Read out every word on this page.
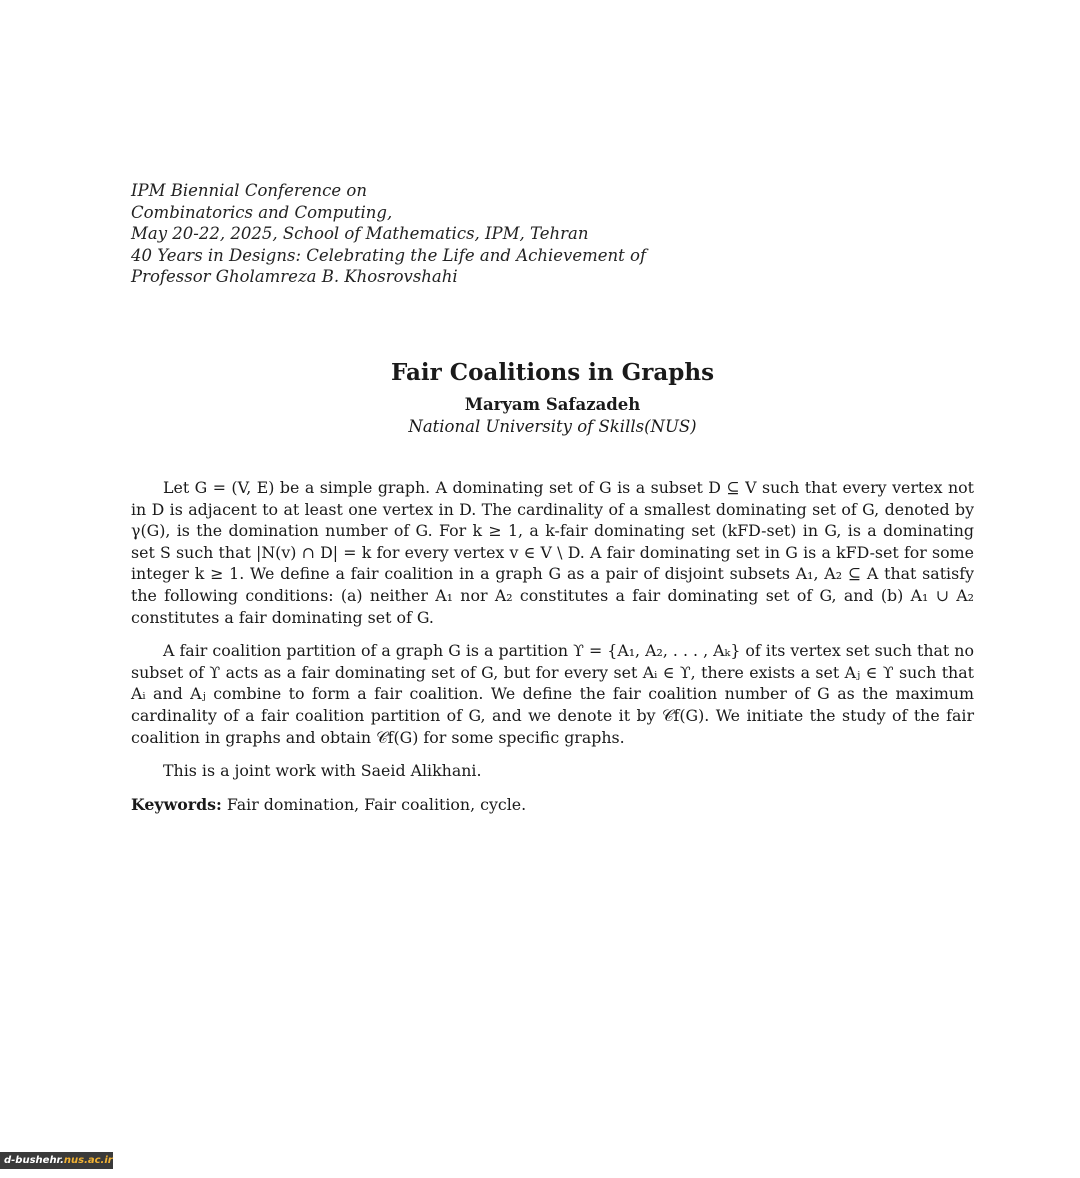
IPM Biennial Conference on
Combinatorics and Computing,
May 20-22, 2025, School of Mathematics, IPM, Tehran
40 Years in Designs: Celebrating the Life and Achievement of
Professor Gholamreza B. Khosrovshahi
Fair Coalitions in Graphs
Maryam Safazadeh
National University of Skills(NUS)

Let G = (V, E) be a simple graph. A dominating set of G is a subset D ⊆ V such that every vertex not in D is adjacent to at least one vertex in D. The cardinality of a smallest dominating set of G, denoted by γ(G), is the domination number of G. For k ≥ 1, a k-fair dominating set (kFD-set) in G, is a dominating set S such that |N(v) ∩ D| = k for every vertex v ∈ V \ D. A fair dominating set in G is a kFD-set for some integer k ≥ 1. We define a fair coalition in a graph G as a pair of disjoint subsets A₁, A₂ ⊆ A that satisfy the following conditions: (a) neither A₁ nor A₂ constitutes a fair dominating set of G, and (b) A₁ ∪ A₂ constitutes a fair dominating set of G.

A fair coalition partition of a graph G is a partition ϒ = {A₁, A₂, . . . , Aₖ} of its vertex set such that no subset of ϒ acts as a fair dominating set of G, but for every set Aᵢ ∈ ϒ, there exists a set Aⱼ ∈ ϒ such that Aᵢ and Aⱼ combine to form a fair coalition. We define the fair coalition number of G as the maximum cardinality of a fair coalition partition of G, and we denote it by 𝒞f(G). We initiate the study of the fair coalition in graphs and obtain 𝒞f(G) for some specific graphs.

This is a joint work with Saeid Alikhani.

Keywords: Fair domination, Fair coalition, cycle.

d-bushehr.nus.ac.ir
